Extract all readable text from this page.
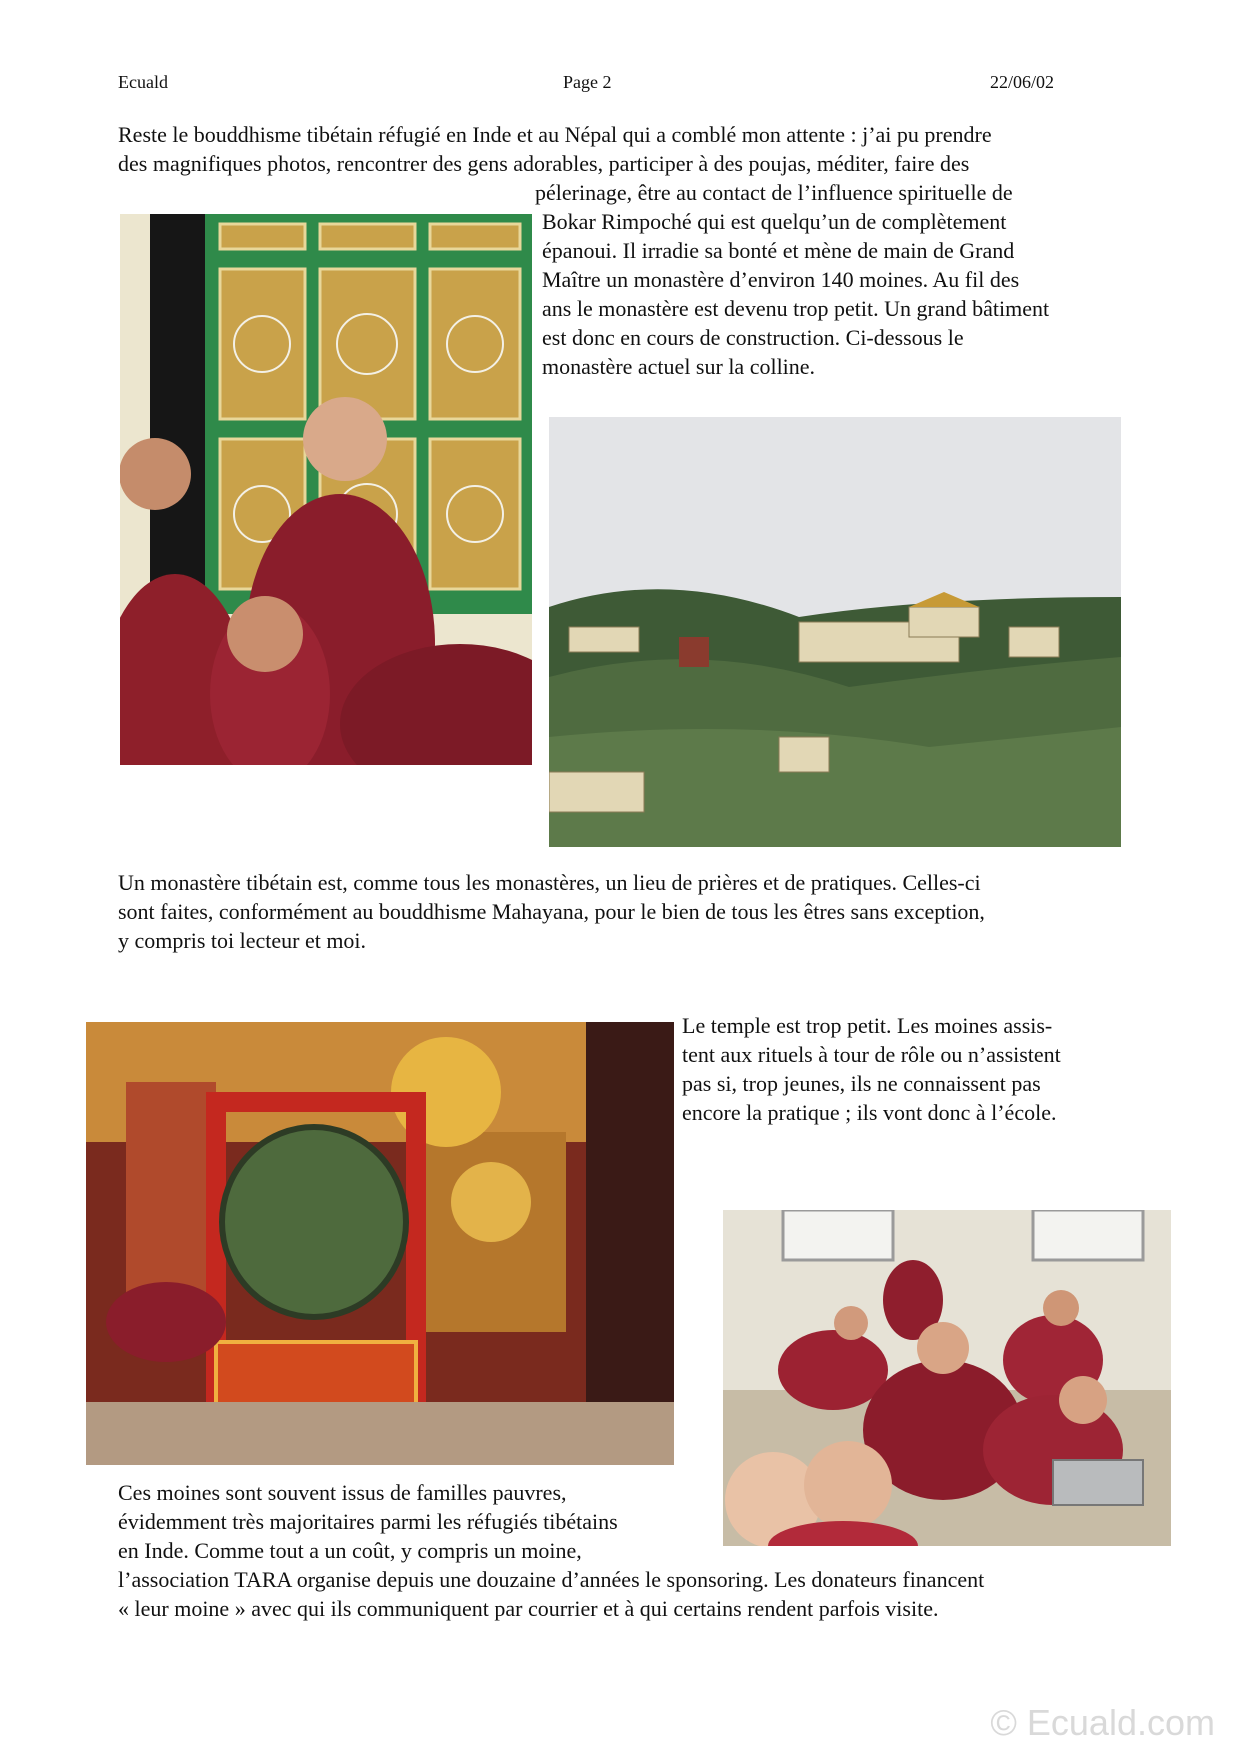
Ecuald	Page 2	22/06/02
Reste le bouddhisme tibétain réfugié en Inde et au Népal qui a comblé mon attente : j’ai pu prendre
des magnifiques photos, rencontrer des gens adorables, participer à des poujas, méditer, faire des
pélerinage, être au contact de l’influence spirituelle de
Bokar Rimpoché qui est quelqu’un de complètement
épanoui. Il irradie sa bonté et mène de main de Grand
Maître un monastère d’environ 140 moines. Au fil des
ans le monastère est devenu trop petit. Un grand bâtiment
est donc en cours de construction. Ci-dessous le
monastère actuel sur la colline.
Un monastère tibétain est, comme tous les monastères, un lieu de prières et de pratiques. Celles-ci
sont faites, conformément au bouddhisme Mahayana, pour le bien de tous les êtres sans exception,
y compris toi lecteur et moi.
Le temple est trop petit. Les moines assis-
tent aux rituels à tour de rôle ou n’assistent
pas si, trop jeunes, ils ne connaissent pas
encore la pratique ; ils vont donc à l’école.
Ces moines sont souvent issus de familles pauvres,
évidemment très majoritaires parmi les réfugiés tibétains
en Inde. Comme tout a un coût, y compris un moine,
l’association TARA organise depuis une douzaine d’années le sponsoring. Les donateurs financent
« leur moine » avec qui ils communiquent par courrier et à qui certains rendent parfois visite.
© Ecuald.com
